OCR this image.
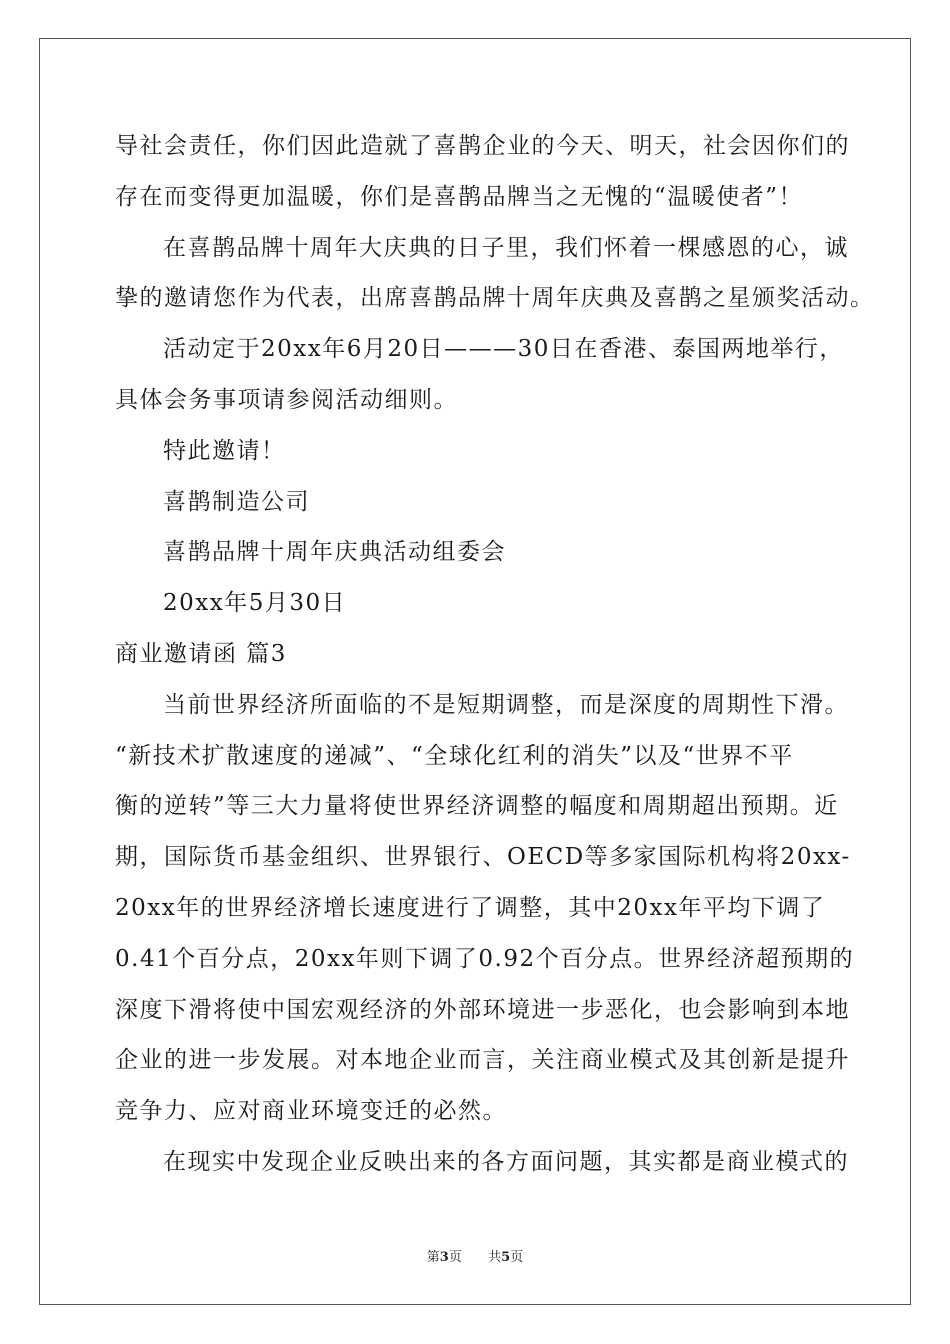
导社会责任，你们因此造就了喜鹊企业的今天、明天，社会因你们的
存在而变得更加温暖，你们是喜鹊品牌当之无愧的“温暖使者”！
在喜鹊品牌十周年大庆典的日子里，我们怀着一棵感恩的心，诚
挚的邀请您作为代表，出席喜鹊品牌十周年庆典及喜鹊之星颁奖活动。
活动定于20xx年6月20日———30日在香港、泰国两地举行，
具体会务事项请参阅活动细则。
特此邀请！
喜鹊制造公司
喜鹊品牌十周年庆典活动组委会
20xx年5月30日
商业邀请函 篇3
当前世界经济所面临的不是短期调整，而是深度的周期性下滑。
“新技术扩散速度的递减”、“全球化红利的消失”以及“世界不平
衡的逆转”等三大力量将使世界经济调整的幅度和周期超出预期。近
期，国际货币基金组织、世界银行、OECD等多家国际机构将20xx-
20xx年的世界经济增长速度进行了调整，其中20xx年平均下调了
0.41个百分点，20xx年则下调了0.92个百分点。世界经济超预期的
深度下滑将使中国宏观经济的外部环境进一步恶化，也会影响到本地
企业的进一步发展。对本地企业而言，关注商业模式及其创新是提升
竞争力、应对商业环境变迁的必然。
在现实中发现企业反映出来的各方面问题，其实都是商业模式的
第3页 共5页
